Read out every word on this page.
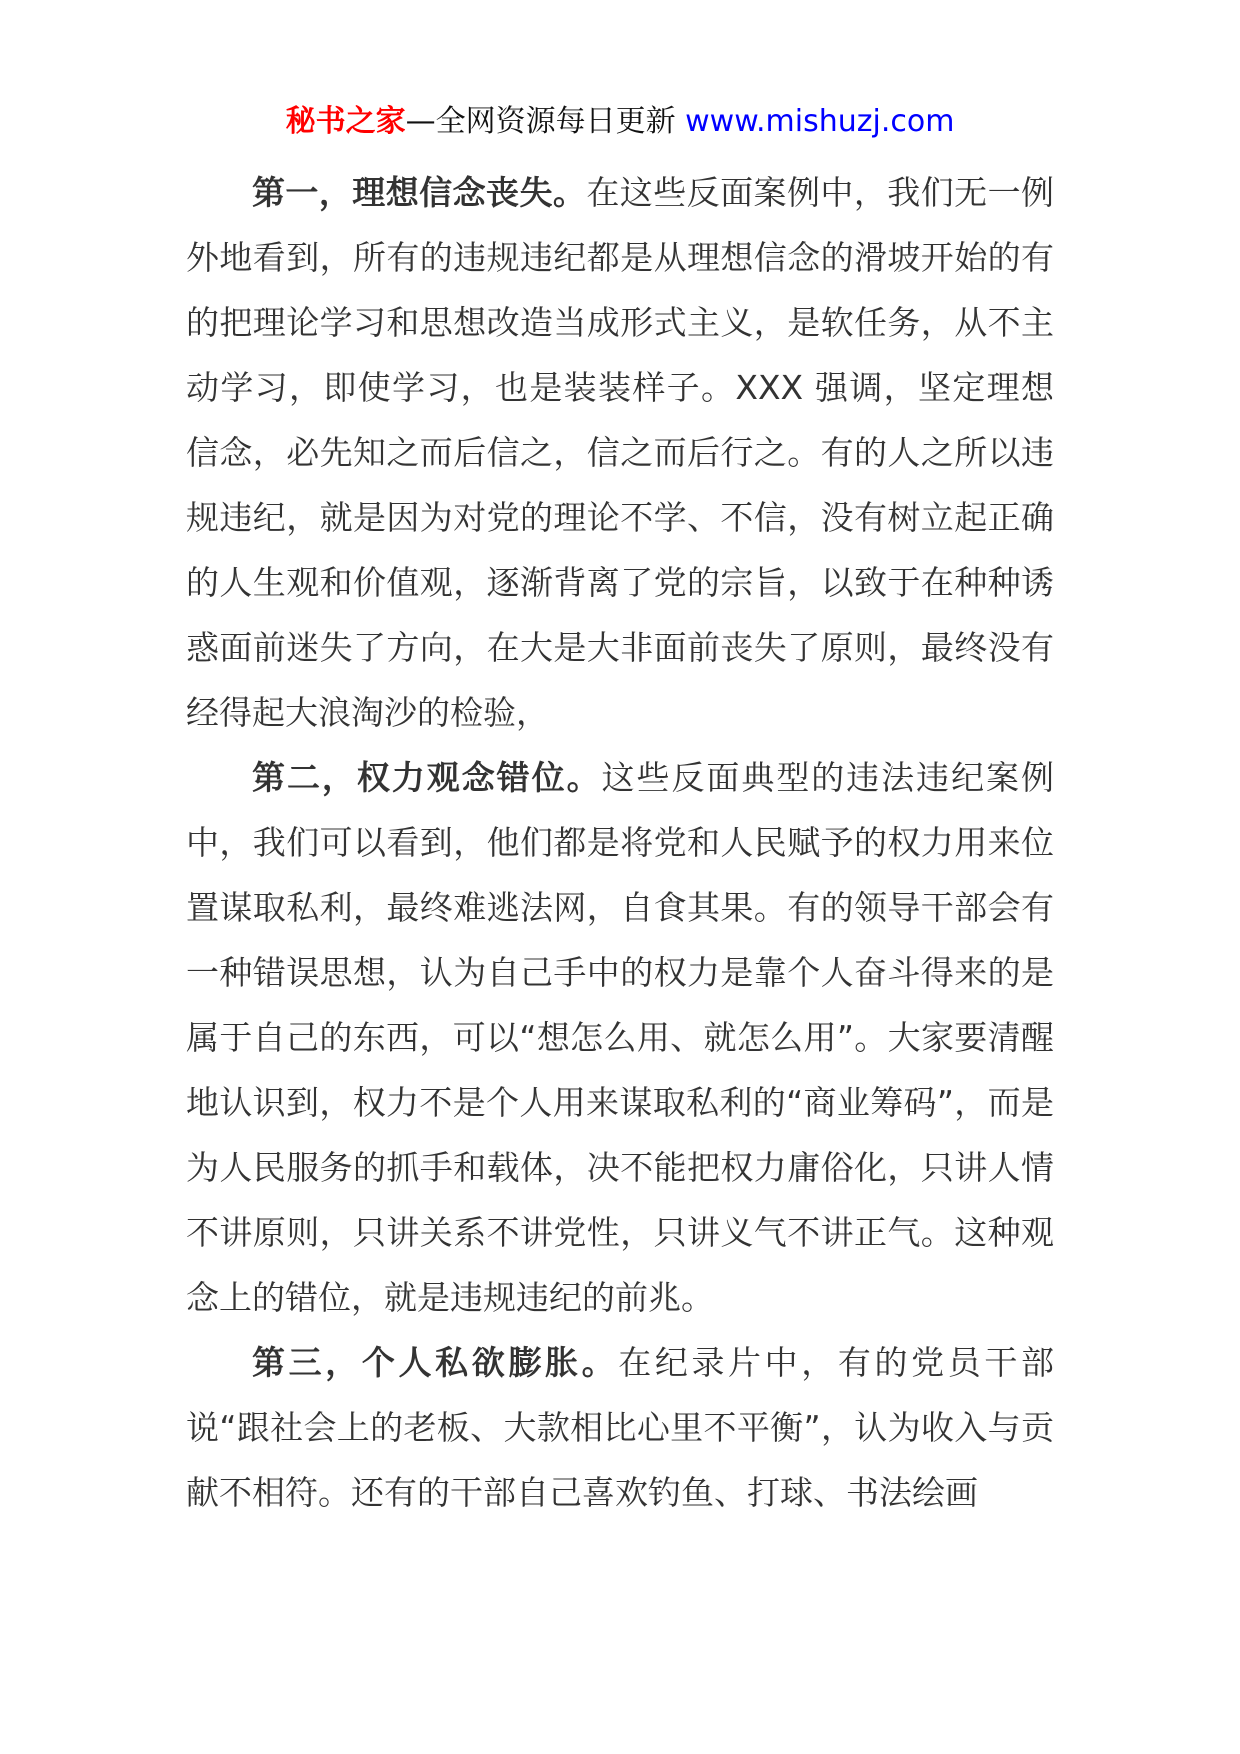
秘书之家—全网资源每日更新 www.mishuzj.com

第一，理想信念丧失。在这些反面案例中，我们无一例外地看到，所有的违规违纪都是从理想信念的滑坡开始的有的把理论学习和思想改造当成形式主义，是软任务，从不主动学习，即使学习，也是装装样子。XXX 强调，坚定理想信念，必先知之而后信之，信之而后行之。有的人之所以违规违纪，就是因为对党的理论不学、不信，没有树立起正确的人生观和价值观，逐渐背离了党的宗旨，以致于在种种诱惑面前迷失了方向，在大是大非面前丧失了原则，最终没有经得起大浪淘沙的检验，

第二，权力观念错位。这些反面典型的违法违纪案例中，我们可以看到，他们都是将党和人民赋予的权力用来位置谋取私利，最终难逃法网，自食其果。有的领导干部会有一种错误思想，认为自己手中的权力是靠个人奋斗得来的是属于自己的东西，可以“想怎么用、就怎么用”。大家要清醒地认识到，权力不是个人用来谋取私利的“商业筹码”，而是为人民服务的抓手和载体，决不能把权力庸俗化，只讲人情不讲原则，只讲关系不讲党性，只讲义气不讲正气。这种观念上的错位，就是违规违纪的前兆。

第三，个人私欲膨胀。在纪录片中，有的党员干部说“跟社会上的老板、大款相比心里不平衡”，认为收入与贡献不相符。还有的干部自己喜欢钓鱼、打球、书法绘画
